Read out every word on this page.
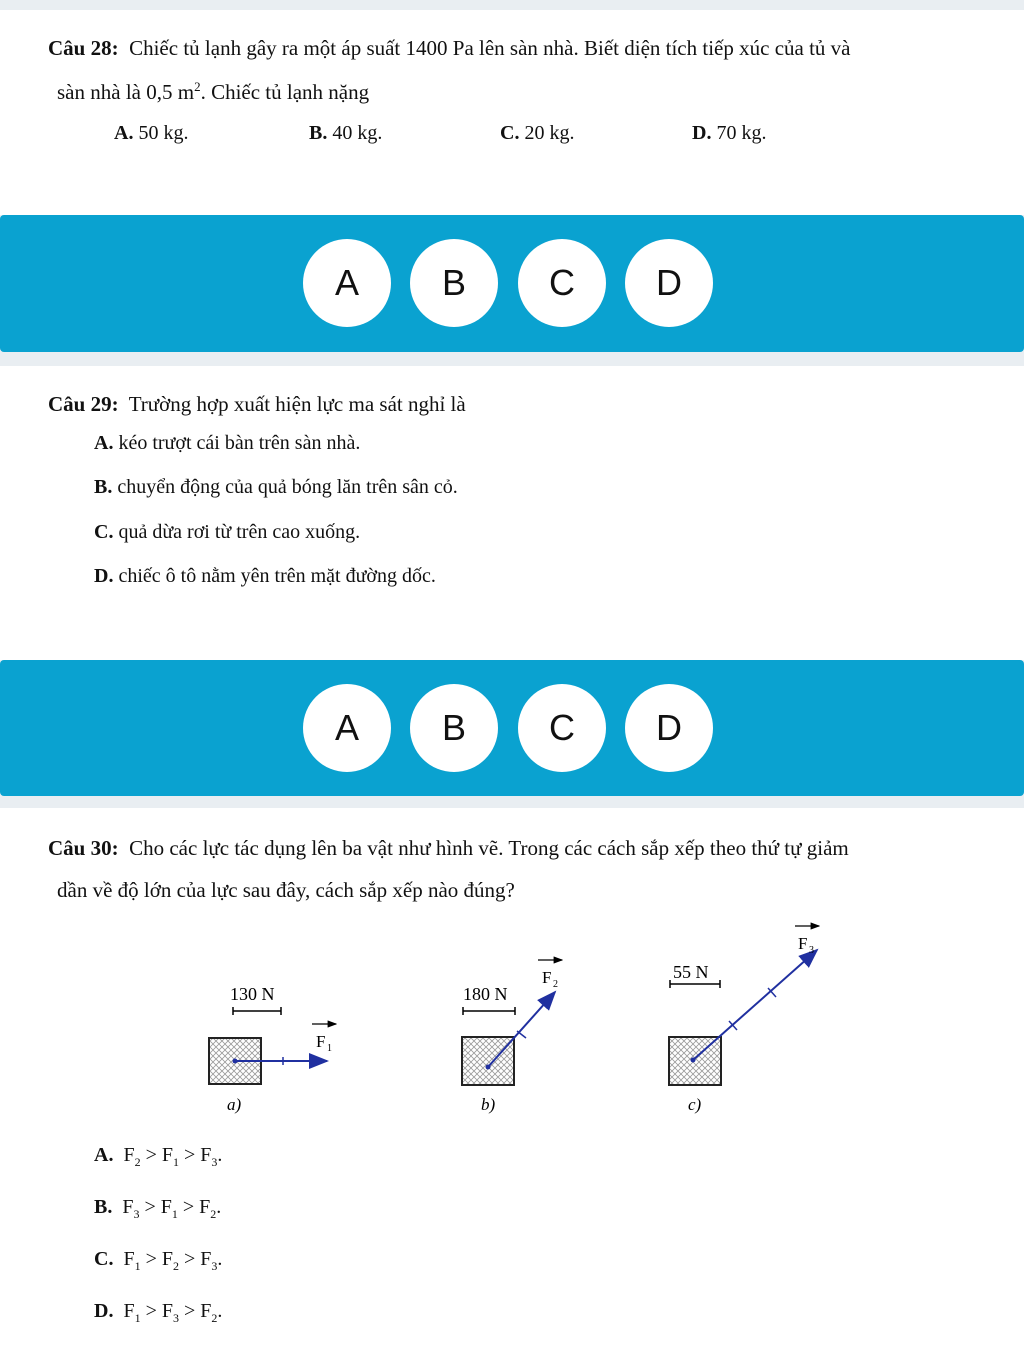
Câu 28: Chiếc tủ lạnh gây ra một áp suất 1400 Pa lên sàn nhà. Biết diện tích tiếp xúc của tủ và
sàn nhà là 0,5 $m^2$. Chiếc tủ lạnh nặng
A. 50 kg.	B. 40 kg.	C. 20 kg.	D. 70 kg.
A	B	C	D
Câu 29: Trường hợp xuất hiện lực ma sát nghỉ là
A. kéo trượt cái bàn trên sàn nhà.
B. chuyển động của quả bóng lăn trên sân cỏ.
C. quả dừa rơi từ trên cao xuống.
D. chiếc ô tô nằm yên trên mặt đường dốc.
A	B	C	D
Câu 30: Cho các lực tác dụng lên ba vật như hình vẽ. Trong các cách sắp xếp theo thứ tự giảm
dần về độ lớn của lực sau đây, cách sắp xếp nào đúng?
A. $F_2 > F_1 > F_3$.
B. $F_3 > F_1 > F_2$.
C. $F_1 > F_2 > F_3$.
D. $F_1 > F_3 > F_2$.
130 N
F 1
a)
180 N
F 2
b)
55 N
F 3
c)
